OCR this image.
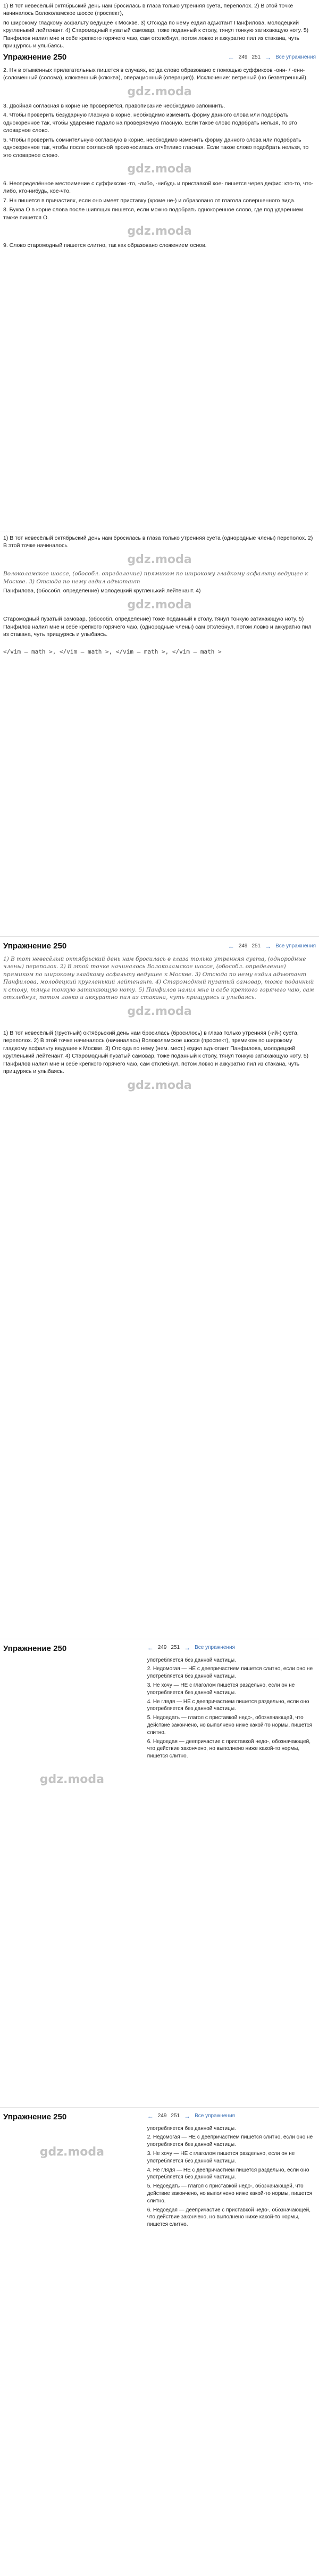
1) В тот невесёлый октябрьский день нам бросилась в глаза только утренняя суета, переполох. 2) В этой точке начиналось Волоколамское шоссе (проспект),

по широкому гладкому асфальту ведущее к Москве. 3) Отсюда по нему ездил адъютант Панфилова, молодецкий кругленький лейтенант. 4) Старомодный пузатый самовар, тоже поданный к столу, тянул тонкую затихающую ноту. 5) Панфилов налил мне и себе крепкого горячего чаю, сам отхлебнул, потом ловко и аккуратно пил из стакана, чуть прищурясь и улыбаясь.

Упражнение 250	← 249 251 → Все упражнения

2. Нн в отымённых прилагательных пишется в случаях, когда слово образовано с помощью суффиксов -онн- / -енн- (соломенный (солома), клюквенный (клюква), операционный (операция)). Исключение: ветреный (но безветренный).

gdz.moda

3. Двойная согласная в корне не проверяется, правописание необходимо запомнить.

4. Чтобы проверить безударную гласную в корне, необходимо изменить форму данного слова или подобрать однокоренное так, чтобы ударение падало на проверяемую гласную. Если такое слово подобрать нельзя, то это словарное слово.

5. Чтобы проверить сомнительную согласную в корне, необходимо изменить форму данного слова или подобрать однокоренное так, чтобы после согласной произносилась отчётливо гласная. Если такое слово подобрать нельзя, то это словарное слово.

gdz.moda

6. Неопределённое местоимение с суффиксом -то, -либо, -нибудь и приставкой кое- пишется через дефис: кто-то, что-либо, кто-нибудь, кое-что.

7. Нн пишется в причастиях, если оно имеет приставку (кроме не-) и образовано от глагола совершенного вида.

8. Буква О в корне слова после шипящих пишется, если можно подобрать однокоренное слово, где под ударением также пишется О.

gdz.moda

9. Слово старомодный пишется слитно, так как образовано сложением основ.

1) В тот невесёлый октябрьский день нам бросилась в глаза только утренняя суета (однородные члены) переполох. 2) В этой точке начиналось

gdz.moda

Волоколамское шоссе, (обособл. определение) прямиком по широкому гладкому асфальту ведущее к Москве. 3) Отсюда по нему ездил адъютант

Панфилова, (обособл. определение) молодецкий кругленький лейтенант. 4)

gdz.moda

Старомодный пузатый самовар, (обособл. определение) тоже поданный к столу, тянул тонкую затихающую ноту. 5) Панфилов налил мне и себе крепкого горячего чаю, (однородные члены) сам отхлебнул, потом ловко и аккуратно пил из стакана, чуть прищурясь и улыбаясь.

</vim – math >, </vim – math >, </vim – math >, </vim – math >

Упражнение 250	← 249 251 → Все упражнения

1) В тот невесёлый октябрьский день нам бросилась в глаза только утренняя суета, (однородные члены) переполох. 2) В этой точке начиналось Волоколамское шоссе, (обособл. определение) прямиком по широкому гладкому асфальту ведущее к Москве. 3) Отсюда по нему ездил адъютант Панфилова, молодецкий кругленький лейтенант. 4) Старомодный пузатый самовар, тоже поданный к столу, тянул тонкую затихающую ноту. 5) Панфилов налил мне и себе крепкого горячего чаю, сам отхлебнул, потом ловко и аккуратно пил из стакана, чуть прищурясь и улыбаясь.

gdz.moda

1) В тот невесёлый (грустный) октябрьский день нам бросилась (бросилось) в глаза только утренняя (-ий-) суета, переполох. 2) В этой точке начиналось (начиналась) Волоколамское шоссе (проспект), прямиком по широкому гладкому асфальту ведущее к Москве. 3) Отсюда по нему (нем. мест.) ездил адъютант Панфилова, молодецкий кругленький лейтенант. 4) Старомодный пузатый самовар, тоже поданный к столу, тянул тонкую затихающую ноту. 5) Панфилов налил мне и себе крепкого горячего чаю, сам отхлебнул, потом ловко и аккуратно пил из стакана, чуть прищурясь и улыбаясь.

gdz.moda
Упражнение 250
gdz.moda
← 249 251 → Все упражнения

употребляется без данной частицы.

2. Недомогая — НЕ с деепричастием пишется слитно, если оно не употребляется без данной частицы.

3. Не хочу — НЕ с глаголом пишется раздельно, если он не употребляется без данной частицы.

4. Не глядя — НЕ с деепричастием пишется раздельно, если оно употребляется без данной частицы.

5. Недоедать — глагол с приставкой недо-, обозначающей, что действие закончено, но выполнено ниже какой-то нормы, пишется слитно.

6. Недоедая — деепричастие с приставкой недо-, обозначающей, что действие закончено, но выполнено ниже какой-то нормы, пишется слитно.

Упражнение 250
gdz.moda
← 249 251 → Все упражнения

употребляется без данной частицы.

2. Недомогая — НЕ с деепричастием пишется слитно, если оно не употребляется без данной частицы.

3. Не хочу — НЕ с глаголом пишется раздельно, если он не употребляется без данной частицы.

4. Не глядя — НЕ с деепричастием пишется раздельно, если оно употребляется без данной частицы.

5. Недоедать — глагол с приставкой недо-, обозначающей, что действие закончено, но выполнено ниже какой-то нормы, пишется слитно.

6. Недоедая — деепричастие с приставкой недо-, обозначающей, что действие закончено, но выполнено ниже какой-то нормы, пишется слитно.
